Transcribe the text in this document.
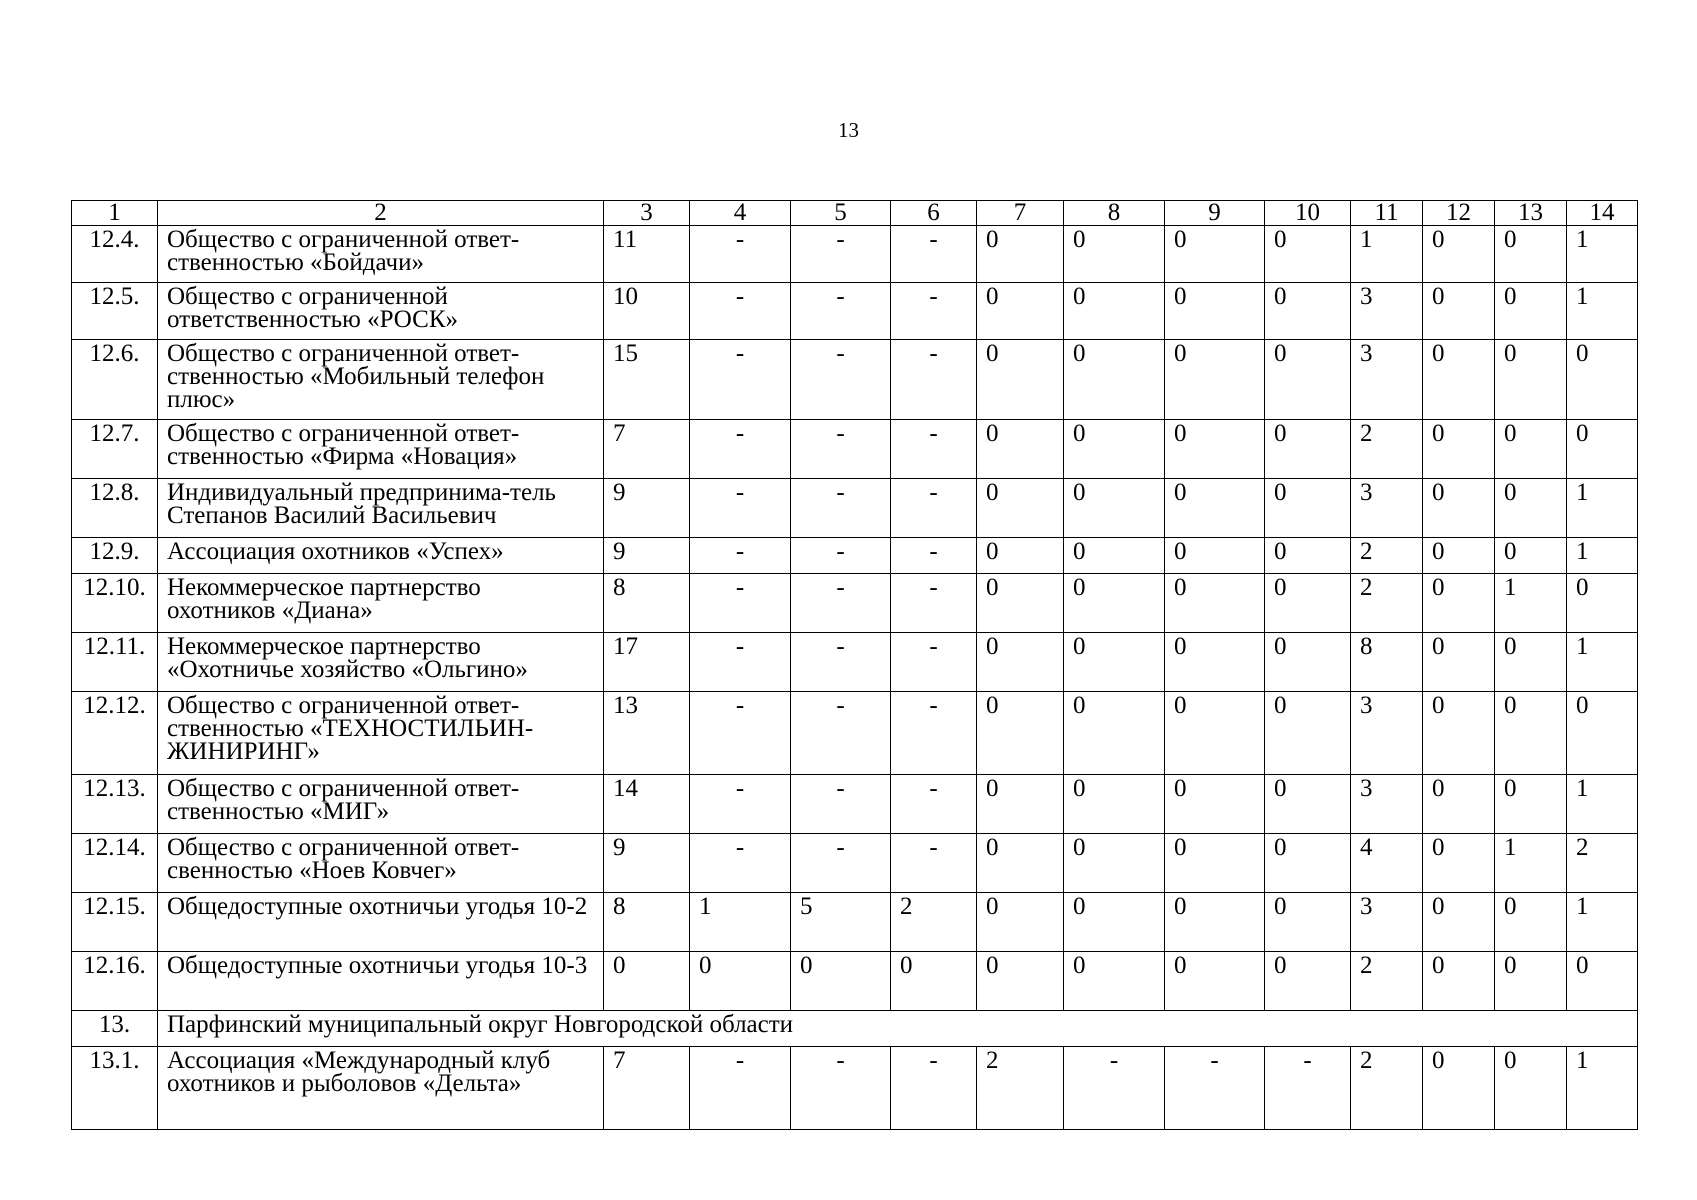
13
1	2	3	4	5	6	7	8	9	10	11	12	13	14
12.4.	Общество с ограниченной ответ-ственностью «Бойдачи»	11	-	-	-	0	0	0	0	1	0	0	1
12.5.	Общество с ограниченной ответственностью «РОСК»	10	-	-	-	0	0	0	0	3	0	0	1
12.6.	Общество с ограниченной ответ-ственностью «Мобильный телефон плюс»	15	-	-	-	0	0	0	0	3	0	0	0
12.7.	Общество с ограниченной ответ-ственностью «Фирма «Новация»	7	-	-	-	0	0	0	0	2	0	0	0
12.8.	Индивидуальный предпринима-тель Степанов Василий Васильевич	9	-	-	-	0	0	0	0	3	0	0	1
12.9.	Ассоциация охотников «Успех»	9	-	-	-	0	0	0	0	2	0	0	1
12.10.	Некоммерческое партнерство охотников «Диана»	8	-	-	-	0	0	0	0	2	0	1	0
12.11.	Некоммерческое партнерство «Охотничье хозяйство «Ольгино»	17	-	-	-	0	0	0	0	8	0	0	1
12.12.	Общество с ограниченной ответ-ственностью «ТЕХНОСТИЛЬИН-ЖИНИРИНГ»	13	-	-	-	0	0	0	0	3	0	0	0
12.13.	Общество с ограниченной ответ-ственностью «МИГ»	14	-	-	-	0	0	0	0	3	0	0	1
12.14.	Общество с ограниченной ответ-свенностью «Ноев Ковчег»	9	-	-	-	0	0	0	0	4	0	1	2
12.15.	Общедоступные охотничьи угодья 10-2	8	1	5	2	0	0	0	0	3	0	0	1
12.16.	Общедоступные охотничьи угодья 10-3	0	0	0	0	0	0	0	0	2	0	0	0
13.	Парфинский муниципальный округ Новгородской области												
13.1.	Ассоциация «Международный клуб охотников и рыболовов «Дельта»	7	-	-	-	2	-	-	-	2	0	0	1
